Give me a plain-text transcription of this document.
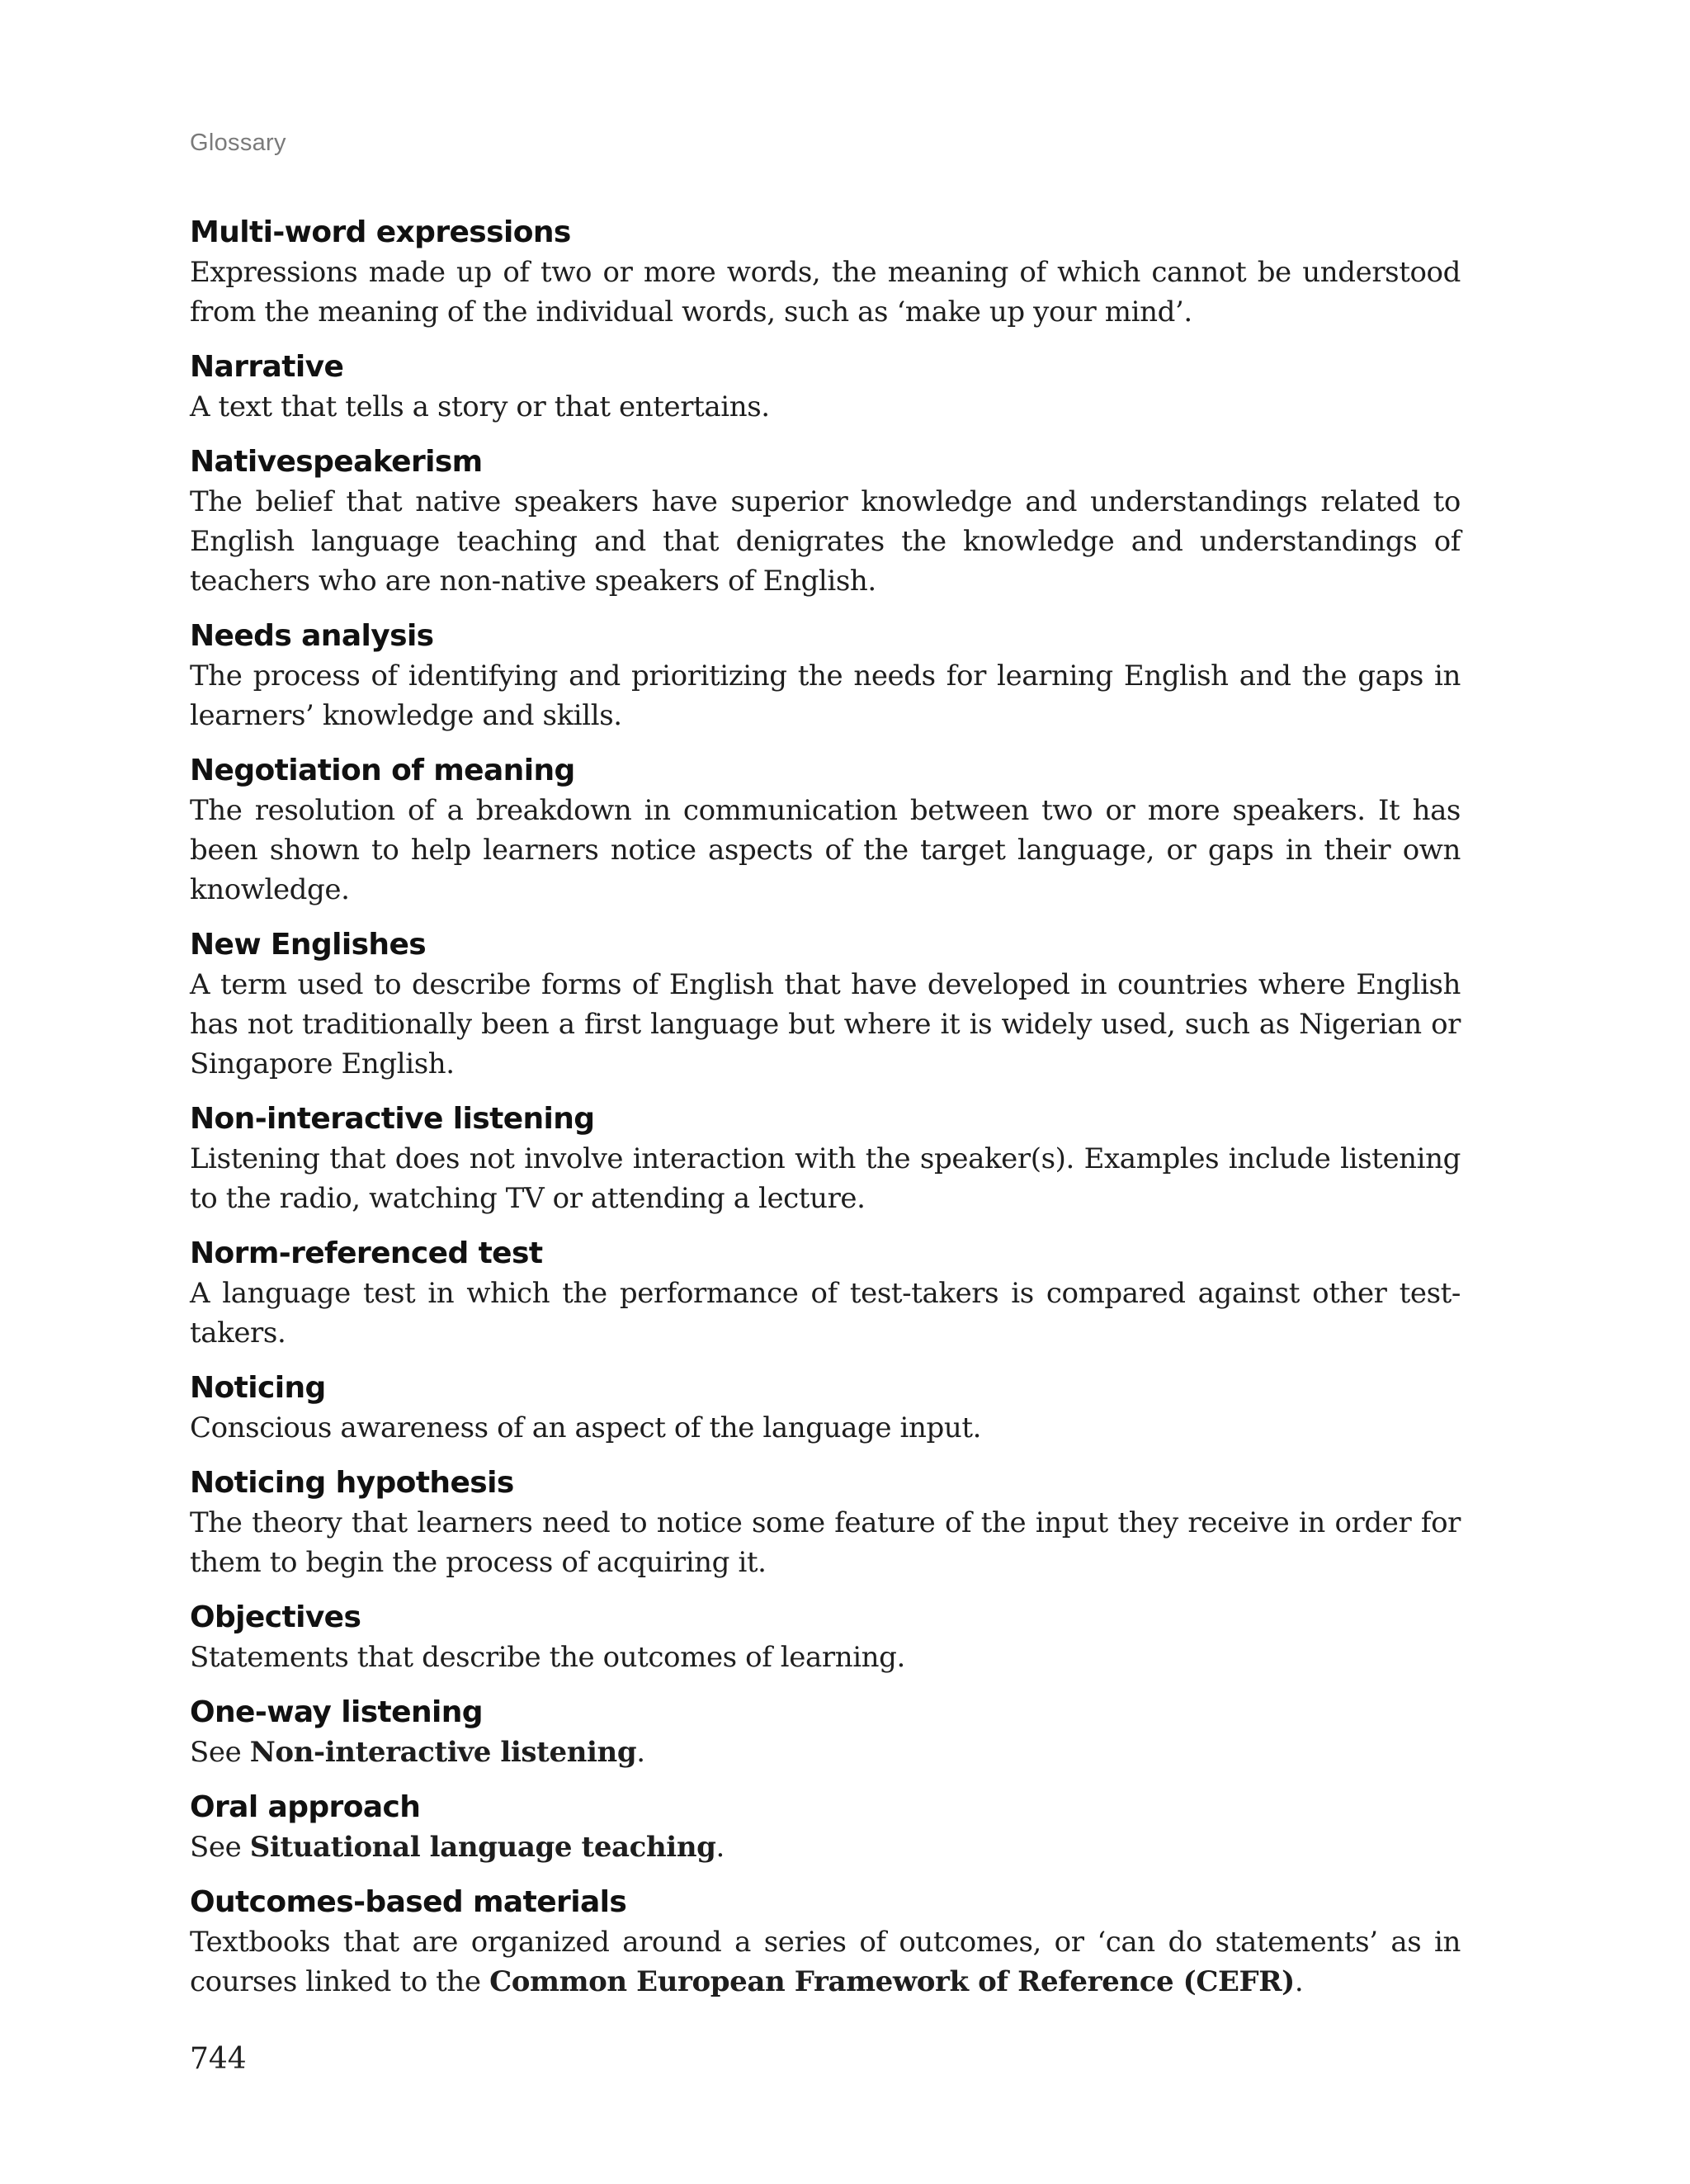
Glossary
Multi-word expressions
Expressions made up of two or more words, the meaning of which cannot be understood from the meaning of the individual words, such as ‘make up your mind’.
Narrative
A text that tells a story or that entertains.
Nativespeakerism
The belief that native speakers have superior knowledge and understandings related to English language teaching and that denigrates the knowledge and understandings of teachers who are non-native speakers of English.
Needs analysis
The process of identifying and prioritizing the needs for learning English and the gaps in learners’ knowledge and skills.
Negotiation of meaning
The resolution of a breakdown in communication between two or more speakers. It has been shown to help learners notice aspects of the target language, or gaps in their own knowledge.
New Englishes
A term used to describe forms of English that have developed in countries where English has not traditionally been a first language but where it is widely used, such as Nigerian or Singapore English.
Non-interactive listening
Listening that does not involve interaction with the speaker(s). Examples include listening to the radio, watching TV or attending a lecture.
Norm-referenced test
A language test in which the performance of test-takers is compared against other test-takers.
Noticing
Conscious awareness of an aspect of the language input.
Noticing hypothesis
The theory that learners need to notice some feature of the input they receive in order for them to begin the process of acquiring it.
Objectives
Statements that describe the outcomes of learning.
One-way listening
See Non-interactive listening.
Oral approach
See Situational language teaching.
Outcomes-based materials
Textbooks that are organized around a series of outcomes, or ‘can do statements’ as in courses linked to the Common European Framework of Reference (CEFR).
744
